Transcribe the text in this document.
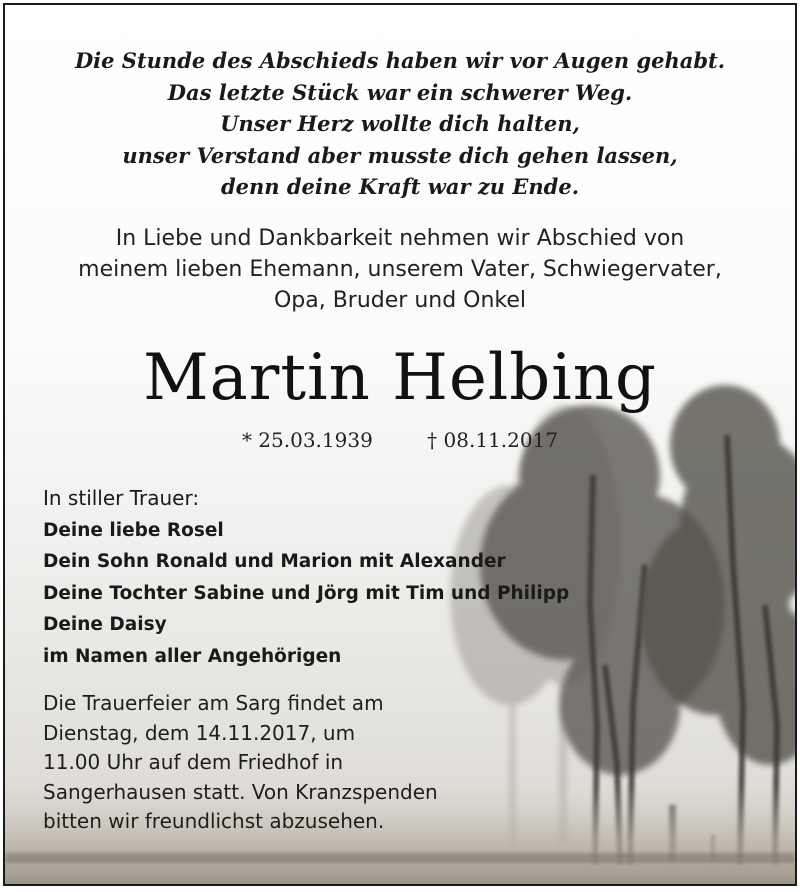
Die Stunde des Abschieds haben wir vor Augen gehabt.
Das letzte Stück war ein schwerer Weg.
Unser Herz wollte dich halten,
unser Verstand aber musste dich gehen lassen,
denn deine Kraft war zu Ende.
In Liebe und Dankbarkeit nehmen wir Abschied von
meinem lieben Ehemann, unserem Vater, Schwiegervater,
Opa, Bruder und Onkel
Martin Helbing
* 25.03.1939	† 08.11.2017
In stiller Trauer:
Deine liebe Rosel
Dein Sohn Ronald und Marion mit Alexander
Deine Tochter Sabine und Jörg mit Tim und Philipp
Deine Daisy
im Namen aller Angehörigen
Die Trauerfeier am Sarg findet am
Dienstag, dem 14.11.2017, um
11.00 Uhr auf dem Friedhof in
Sangerhausen statt. Von Kranzspenden
bitten wir freundlichst abzusehen.
